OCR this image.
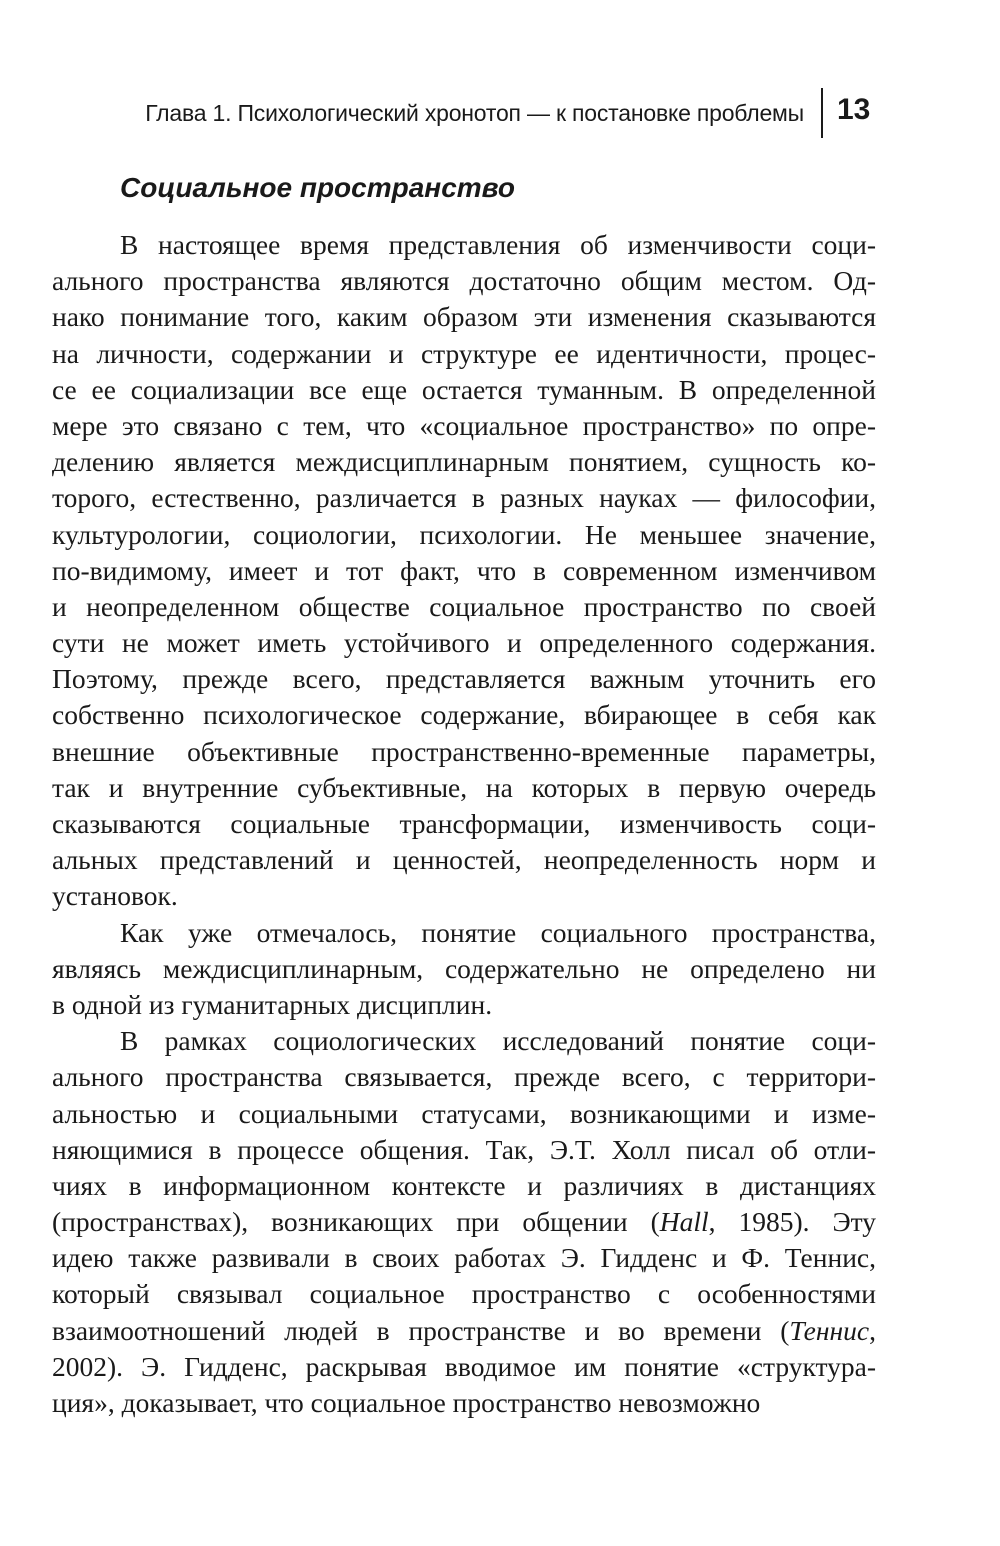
Глава 1. Психологический хронотоп — к постановке проблемы 13
Социальное пространство
В настоящее время представления об изменчивости соци-
ального пространства являются достаточно общим местом. Од-
нако понимание того, каким образом эти изменения сказываются
на личности, содержании и структуре ее идентичности, процес-
се ее социализации все еще остается туманным. В определенной
мере это связано с тем, что «социальное пространство» по опре-
делению является междисциплинарным понятием, сущность ко-
торого, естественно, различается в разных науках — философии,
культурологии, социологии, психологии. Не меньшее значение,
по-видимому, имеет и тот факт, что в современном изменчивом
и неопределенном обществе социальное пространство по своей
сути не может иметь устойчивого и определенного содержания.
Поэтому, прежде всего, представляется важным уточнить его
собственно психологическое содержание, вбирающее в себя как
внешние объективные пространственно-временные параметры,
так и внутренние субъективные, на которых в первую очередь
сказываются социальные трансформации, изменчивость соци-
альных представлений и ценностей, неопределенность норм и
установок.
Как уже отмечалось, понятие социального пространства,
являясь междисциплинарным, содержательно не определено ни
в одной из гуманитарных дисциплин.
В рамках социологических исследований понятие соци-
ального пространства связывается, прежде всего, с территори-
альностью и социальными статусами, возникающими и изме-
няющимися в процессе общения. Так, Э.Т. Холл писал об отли-
чиях в информационном контексте и различиях в дистанциях
(пространствах), возникающих при общении (Hall, 1985). Эту
идею также развивали в своих работах Э. Гидденс и Ф. Теннис,
который связывал социальное пространство с особенностями
взаимоотношений людей в пространстве и во времени (Теннис,
2002). Э. Гидденс, раскрывая вводимое им понятие «структура-
ция», доказывает, что социальное пространство невозможно
